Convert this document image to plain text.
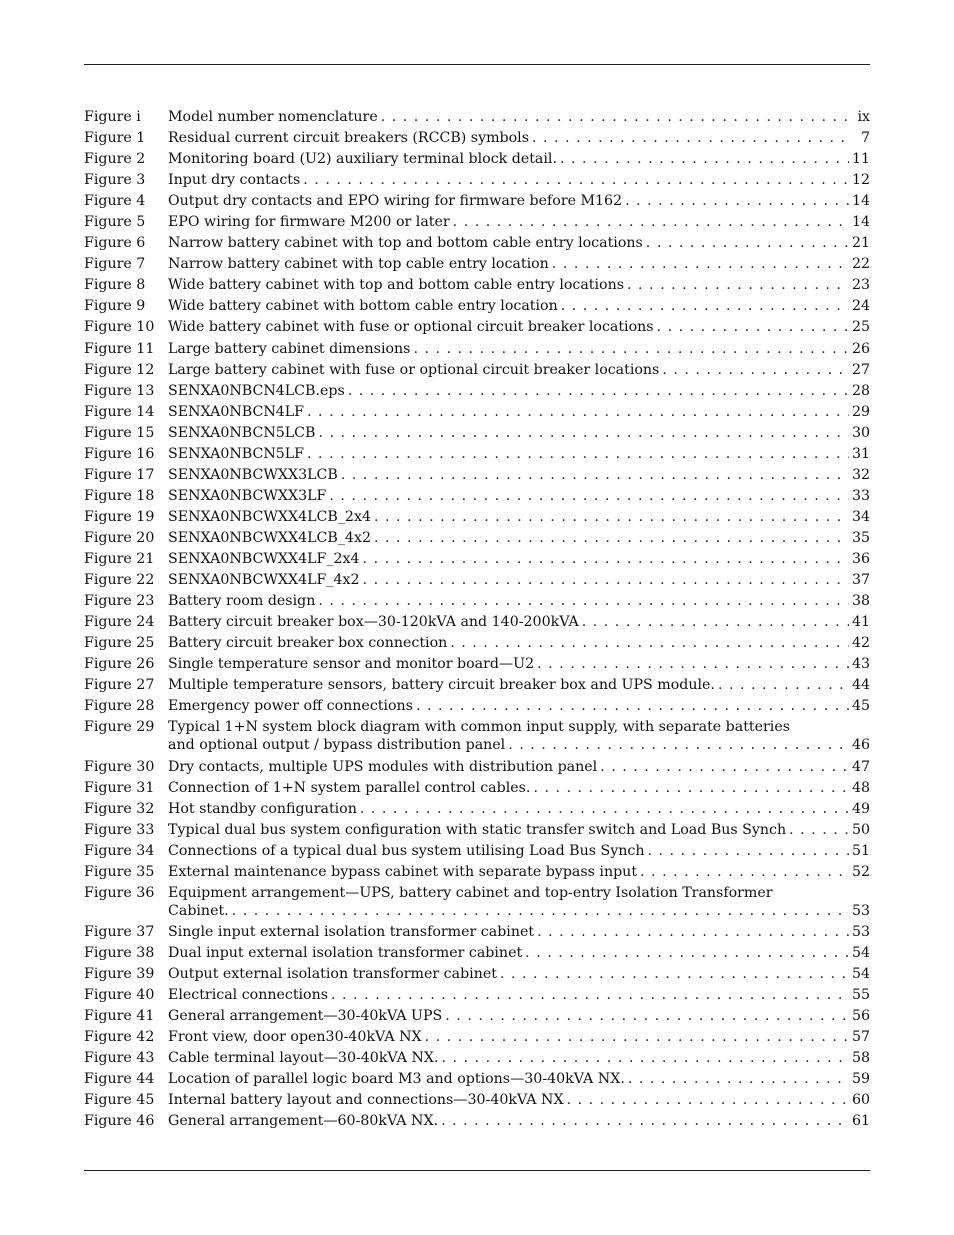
Figure i Model number nomenclature . . .	ix
Figure 1 Residual current circuit breakers (RCCB) symbols . . .	7
Figure 2 Monitoring board (U2) auxiliary terminal block detail. . . .	11
Figure 3 Input dry contacts . . .	12
Figure 4 Output dry contacts and EPO wiring for firmware before M162 . . .	14
Figure 5 EPO wiring for firmware M200 or later . . .	14
Figure 6 Narrow battery cabinet with top and bottom cable entry locations . . .	21
Figure 7 Narrow battery cabinet with top cable entry location . . .	22
Figure 8 Wide battery cabinet with top and bottom cable entry locations . . .	23
Figure 9 Wide battery cabinet with bottom cable entry location . . .	24
Figure 10 Wide battery cabinet with fuse or optional circuit breaker locations . . .	25
Figure 11 Large battery cabinet dimensions . . .	26
Figure 12 Large battery cabinet with fuse or optional circuit breaker locations . . .	27
Figure 13 SENXA0NBCN4LCB.eps . . .	28
Figure 14 SENXA0NBCN4LF . . .	29
Figure 15 SENXA0NBCN5LCB . . .	30
Figure 16 SENXA0NBCN5LF . . .	31
Figure 17 SENXA0NBCWXX3LCB . . .	32
Figure 18 SENXA0NBCWXX3LF . . .	33
Figure 19 SENXA0NBCWXX4LCB_2x4 . . .	34
Figure 20 SENXA0NBCWXX4LCB_4x2 . . .	35
Figure 21 SENXA0NBCWXX4LF_2x4 . . .	36
Figure 22 SENXA0NBCWXX4LF_4x2 . . .	37
Figure 23 Battery room design . . .	38
Figure 24 Battery circuit breaker box—30-120kVA and 140-200kVA . . .	41
Figure 25 Battery circuit breaker box connection . . .	42
Figure 26 Single temperature sensor and monitor board—U2 . . .	43
Figure 27 Multiple temperature sensors, battery circuit breaker box and UPS module. . . .	44
Figure 28 Emergency power off connections . . .	45
Figure 29 Typical 1+N system block diagram with common input supply, with separate batteries
and optional output / bypass distribution panel . . .	46
Figure 30 Dry contacts, multiple UPS modules with distribution panel . . .	47
Figure 31 Connection of 1+N system parallel control cables. . . .	48
Figure 32 Hot standby configuration . . .	49
Figure 33 Typical dual bus system configuration with static transfer switch and Load Bus Synch . . .	50
Figure 34 Connections of a typical dual bus system utilising Load Bus Synch . . .	51
Figure 35 External maintenance bypass cabinet with separate bypass input . . .	52
Figure 36 Equipment arrangement—UPS, battery cabinet and top-entry Isolation Transformer
Cabinet. . . .	53
Figure 37 Single input external isolation transformer cabinet . . .	53
Figure 38 Dual input external isolation transformer cabinet . . .	54
Figure 39 Output external isolation transformer cabinet . . .	54
Figure 40 Electrical connections . . .	55
Figure 41 General arrangement—30-40kVA UPS . . .	56
Figure 42 Front view, door open30-40kVA NX . . .	57
Figure 43 Cable terminal layout—30-40kVA NX. . . .	58
Figure 44 Location of parallel logic board M3 and options—30-40kVA NX. . . .	59
Figure 45 Internal battery layout and connections—30-40kVA NX . . .	60
Figure 46 General arrangement—60-80kVA NX. . . .	61
